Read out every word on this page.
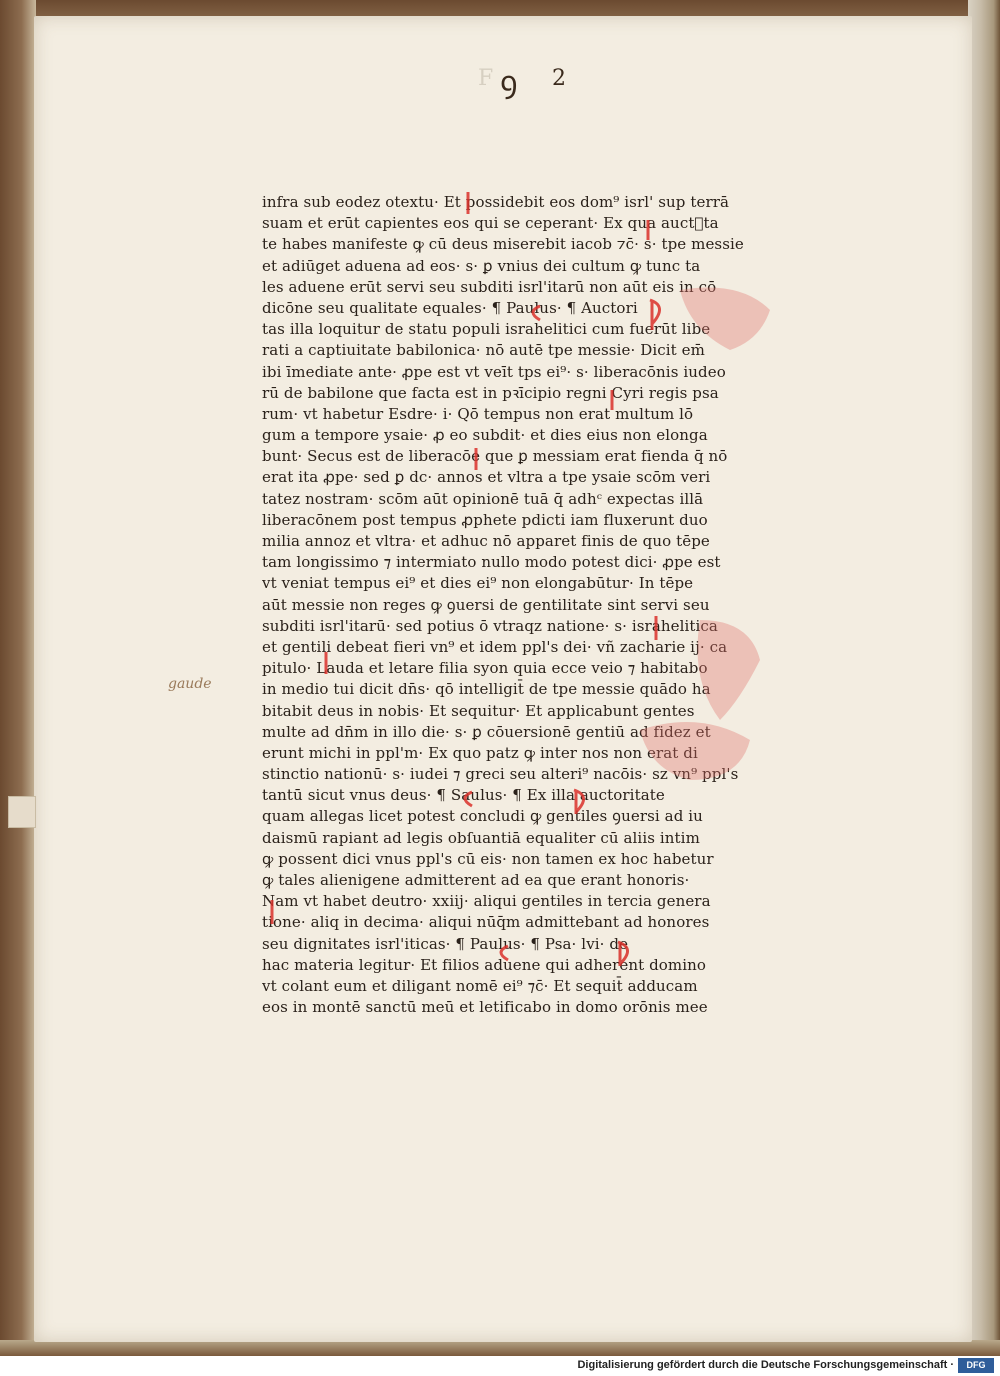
F ꝯ 2
gaude
infra sub eodez otextu· Et possidebit eos dom⁹ isrl' sup terrā
suam et erūt capientes eos qui se ceperant· Ex qua auctᷓta
te habes manifeste ꝙ cū deus miserebit iacob ⁊c̄· s· tpe messie
et adiūget aduena ad eos· s· ꝑ vnius dei cultum ꝙ tunc ta
les aduene erūt servi seu subditi isrl'itarū non aūt eis in cō
dicōne seu qualitate equales· ¶ Paulus· ¶ Auctori
tas illa loquitur de statu populi israhelitici cum fuerūt libe
rati a captiuitate babilonica· nō autē tpe messie· Dicit em̄
ibi īmediate ante· ꝓpe est vt veīt tps ei⁹· s· liberacōnis iudeo
rū de babilone que facta est in pꝛīcipio regni Cyri regis psa
rum· vt habetur Esdre· i· Qō tempus non erat multum lō
gum a tempore ysaie· ꝓ eo subdit· et dies eius non elonga
bunt· Secus est de liberacōe que ꝑ messiam erat fienda q̄ nō
erat ita ꝓpe· sed ꝑ dc· annos et vltra a tpe ysaie scōm veri
tatez nostram· scōm aūt opinionē tuā q̄ adhᶜ expectas illā
liberacōnem post tempus ꝓphete pdicti iam fluxerunt duo
milia annoz et vltra· et adhuc nō apparet finis de quo tēpe
tam longissimo ⁊ intermiato nullo modo potest dici· ꝓpe est
vt veniat tempus ei⁹ et dies ei⁹ non elongabūtur· In tēpe
aūt messie non reges ꝙ ꝯuersi de gentilitate sint servi seu
subditi isrl'itarū· sed potius ō vtraqz natione· s· israhelitica
et gentili debeat fieri vn⁹ et idem ppl's dei· vñ zacharie ij· ca
pitulo· Lauda et letare filia syon quia ecce veio ⁊ habitabo
in medio tui dicit dn̄s· qō intelligit̄ de tpe messie quādo ha
bitabit deus in nobis· Et sequitur· Et applicabunt gentes
multe ad dn̄m in illo die· s· ꝑ cōuersionē gentiū ad fidez et
erunt michi in ppl'm· Ex quo patz ꝙ inter nos non erat di
stinctio nationū· s· iudei ⁊ greci seu alteri⁹ nacōis· sz vn⁹ ppl's
tantū sicut vnus deus· ¶ Saulus· ¶ Ex illa auctoritate
quam allegas licet potest concludi ꝙ gentiles ꝯuersi ad iu
daismū rapiant ad legis obſuantiā equaliter cū aliis intim
ꝙ possent dici vnus ppl's cū eis· non tamen ex hoc habetur
ꝙ tales alienigene admitterent ad ea que erant honoris·
Nam vt habet deutro· xxiij· aliqui gentiles in tercia genera
tione· aliq in decima· aliqui nūq̄m admittebant ad honores
seu dignitates isrl'iticas· ¶ Paulus· ¶ Psa· lvi· de
hac materia legitur· Et filios aduene qui adherent domino
vt colant eum et diligant nomē ei⁹ ⁊c̄· Et sequit̄ adducam
eos in montē sanctū meū et letificabo in domo orōnis mee
Digitalisierung gefördert durch die Deutsche Forschungsgemeinschaft ·	DFG
